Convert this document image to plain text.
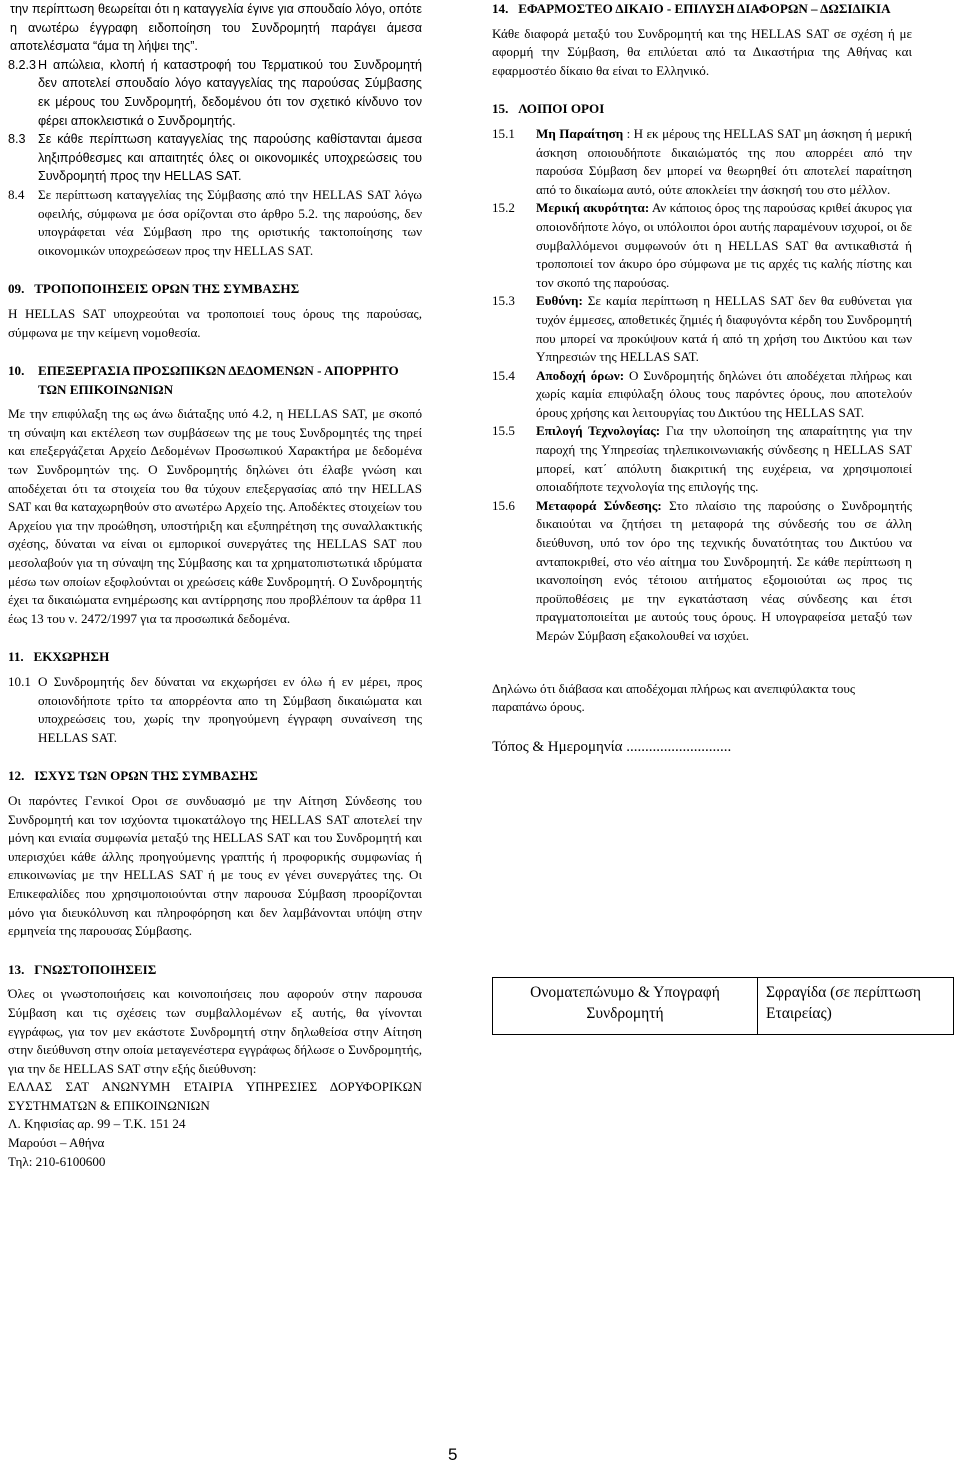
την περίπτωση θεωρείται ότι η καταγγελία έγινε για σπουδαίο λόγο, οπότε η ανωτέρω έγγραφη ειδοποίηση του Συνδρομητή παράγει άμεσα αποτελέσματα “άμα τη λήψει της”.

8.2.3 Η απώλεια, κλοπή ή καταστροφή του Τερματικού του Συνδρομητή δεν αποτελεί σπουδαίο λόγο καταγγελίας της παρούσας Σύμβασης εκ μέρους του Συνδρομητή, δεδομένου ότι τον σχετικό κίνδυνο τον φέρει αποκλειστικά ο Συνδρομητής.
8.3 Σε κάθε περίπτωση καταγγελίας της παρούσης καθίστανται άμεσα ληξιπρόθεσμες και απαιτητές όλες οι οικονομικές υποχρεώσεις του Συνδρομητή προς την HELLAS SAT.
8.4	Σε περίπτωση καταγγελίας της Σύμβασης από την HELLAS SAT λόγω οφειλής, σύμφωνα με όσα ορίζονται στο άρθρο 5.2. της παρούσης, δεν υπογράφεται νέα Σύμβαση προ της οριστικής τακτοποίησης των οικονομικών υποχρεώσεων προς την HELLAS SAT.

09.   ΤΡΟΠΟΠΟΙΗΣΕΙΣ ΟΡΩΝ ΤΗΣ ΣΥΜΒΑΣΗΣ

Η HELLAS SAT υποχρεούται να τροποποιεί τους όρους της παρούσας, σύμφωνα με την κείμενη νομοθεσία.

10.	ΕΠΕΞΕΡΓΑΣΙΑ ΠΡΟΣΩΠΙΚΩΝ ΔΕΔΟΜΕΝΩΝ - ΑΠΟΡΡΗΤΟ ΤΩΝ ΕΠΙΚΟΙΝΩΝΙΩΝ

Με την επιφύλαξη της ως άνω διάταξης υπό 4.2, η HELLAS SAT, με σκοπό τη σύναψη και εκτέλεση των συμβάσεων της με τους Συνδρομητές της τηρεί και επεξεργάζεται Αρχείο Δεδομένων Προσωπικού Χαρακτήρα με δεδομένα των Συνδρομητών της. Ο Συνδρομητής δηλώνει ότι έλαβε γνώση και αποδέχεται ότι τα στοιχεία του θα τύχουν επεξεργασίας από την HELLAS SAT και θα καταχωρηθούν στο ανωτέρω Αρχείο της. Αποδέκτες στοιχείων του Αρχείου για την προώθηση, υποστήριξη και εξυπηρέτηση της συναλλακτικής σχέσης, δύναται να είναι οι εμπορικοί συνεργάτες της HELLAS SAT που μεσολαβούν για τη σύναψη της Σύμβασης και τα χρηματοπιστωτικά ιδρύματα μέσω των οποίων εξοφλούνται οι χρεώσεις κάθε Συνδρομητή. Ο Συνδρομητής έχει τα δικαιώματα ενημέρωσης και αντίρρησης που προβλέπουν τα άρθρα 11 έως 13 του ν. 2472/1997 για τα προσωπικά δεδομένα.

11.   ΕΚΧΩΡΗΣΗ

10.1 Ο Συνδρομητής δεν δύναται να εκχωρήσει εν όλω ή εν μέρει, προς οποιονδήποτε τρίτο τα απορρέοντα απο τη Σύμβαση δικαιώματα και υποχρεώσεις του, χωρίς την προηγούμενη έγγραφη συναίνεση της HELLAS SAT.

12.   ΙΣΧΥΣ ΤΩΝ ΟΡΩΝ ΤΗΣ ΣΥΜΒΑΣΗΣ

Οι παρόντες Γενικοί Οροι σε συνδυασμό με την Αίτηση Σύνδεσης του Συνδρομητή και τον ισχύοντα τιμοκατάλογο της HELLAS SAT αποτελεί την μόνη και ενιαία συμφωνία μεταξύ της HELLAS SAT και του Συνδρομητή και υπερισχύει κάθε άλλης προηγούμενης γραπτής ή προφορικής συμφωνίας ή επικοινωνίας με την HELLAS SAT ή με τους εν γένει συνεργάτες της. Οι Επικεφαλίδες που χρησιμοποιούνται στην παρουσα Σύμβαση προορίζονται μόνο για διευκόλυνση και πληροφόρηση και δεν λαμβάνονται υπόψη στην ερμηνεία της παρουσας Σύμβασης.

13.   ΓΝΩΣΤΟΠΟΙΗΣΕΙΣ

Όλες οι γνωστοποιήσεις και κοινοποιήσεις που αφορούν στην παρουσα Σύμβαση και τις σχέσεις των συμβαλλομένων εξ αυτής, θα γίνονται εγγράφως, για τον μεν εκάστοτε Συνδρομητή στην δηλωθείσα στην Αίτηση στην διεύθυνση στην οποία μεταγενέστερα εγγράφως δήλωσε ο Συνδρομητής, για την δε HELLAS SAT στην εξής διεύθυνση:

ΕΛΛΑΣ ΣΑΤ ΑΝΩΝΥΜΗ ΕΤΑΙΡΙΑ ΥΠΗΡΕΣΙΕΣ ΔΟΡΥΦΟΡΙΚΩΝ ΣΥΣΤΗΜΑΤΩΝ & ΕΠΙΚΟΙΝΩΝΙΩΝ

Λ. Κηφισίας αρ. 99 – Τ.Κ. 151 24

Μαρούσι – Αθήνα

Τηλ: 210-6100600

14.   ΕΦΑΡΜΟΣΤΕΟ ΔΙΚΑΙΟ - ΕΠΙΛΥΣΗ ΔΙΑΦΟΡΩΝ – ΔΩΣΙΔΙΚΙΑ

Κάθε διαφορά μεταξύ του Συνδρομητή και της HELLAS SAT σε σχέση ή με αφορμή την Σύμβαση, θα επιλύεται από τα Δικαστήρια της Αθήνας και εφαρμοστέο δίκαιο θα είναι το Ελληνικό.

15.   ΛΟΙΠΟΙ ΟΡΟΙ

15.1	Μη Παραίτηση : Η εκ μέρους της HELLAS SAT μη άσκηση ή μερική άσκηση οποιουδήποτε δικαιώματός της που απορρέει από την παρούσα Σύμβαση δεν μπορεί να θεωρηθεί ότι αποτελεί παραίτηση από το δικαίωμα αυτό, ούτε αποκλείει την άσκησή του στο μέλλον.
15.2	Μερική ακυρότητα: Αν κάποιος όρος της παρούσας κριθεί άκυρος για οποιονδήποτε λόγο, οι υπόλοιποι όροι αυτής παραμένουν ισχυροί, οι δε συμβαλλόμενοι συμφωνούν ότι η HELLAS SAT θα αντικαθιστά ή τροποποιεί τον άκυρο όρο σύμφωνα με τις αρχές τις καλής πίστης και τον σκοπό της παρούσας.
15.3	Ευθύνη: Σε καμία περίπτωση η HELLAS SAT δεν θα ευθύνεται για τυχόν έμμεσες, αποθετικές ζημιές ή διαφυγόντα κέρδη του Συνδρομητή που μπορεί να προκύψουν κατά ή από τη χρήση του Δικτύου και των Υπηρεσιών της HELLAS SAT.
15.4	Αποδοχή όρων: Ο Συνδρομητής δηλώνει ότι αποδέχεται πλήρως και χωρίς καμία επιφύλαξη όλους τους παρόντες όρους, που αποτελούν όρους χρήσης και λειτουργίας του Δικτύου της HELLAS SAT.
15.5	Επιλογή Τεχνολογίας: Για την υλοποίηση της απαραίτητης για την παροχή της Υπηρεσίας τηλεπικοινωνιακής σύνδεσης η HELLAS SAT μπορεί, κατ΄ απόλυτη διακριτική της ευχέρεια, να χρησιμοποιεί οποιαδήποτε τεχνολογία της επιλογής της.
15.6	Μεταφορά Σύνδεσης: Στο πλαίσιο της παρούσης ο Συνδρομητής δικαιούται να ζητήσει τη μεταφορά της σύνδεσής του σε άλλη διεύθυνση, υπό τον όρο της τεχνικής δυνατότητας του Δικτύου να ανταποκριθεί, στο νέο αίτημα του Συνδρομητή. Σε κάθε περίπτωση η ικανοποίηση ενός τέτοιου αιτήματος εξομοιούται ως προς τις προϋποθέσεις με την εγκατάσταση νέας σύνδεσης και έτσι πραγματοποιείται με αυτούς τους όρους. Η υπογραφείσα μεταξύ των Μερών Σύμβαση εξακολουθεί να ισχύει.

Δηλώνω ότι διάβασα και αποδέχομαι πλήρως και ανεπιφύλακτα τους παραπάνω όρους.

Τόπος & Ημερομηνία ............................

Ονοματεπώνυμο & Υπογραφή Συνδρομητή
Σφραγίδα (σε περίπτωση Εταιρείας)
5
